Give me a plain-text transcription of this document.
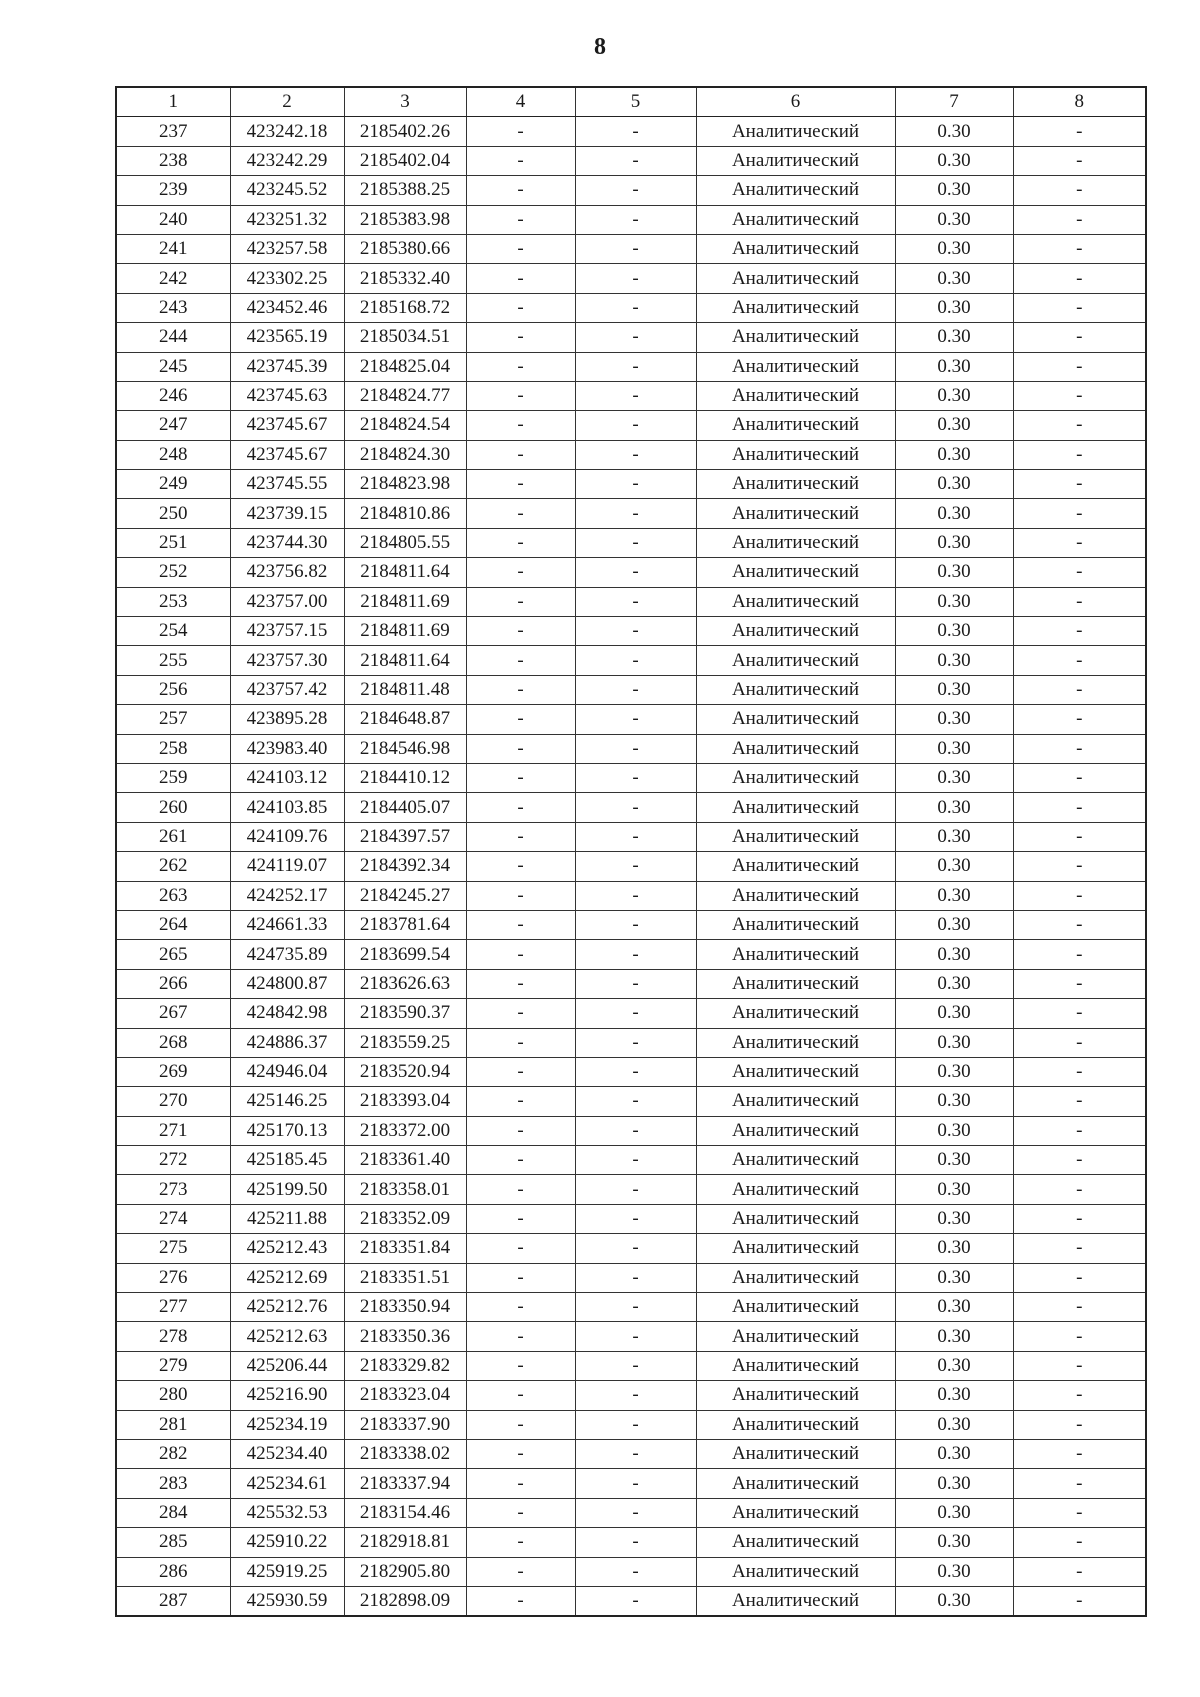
8
1	2	3	4	5	6	7	8
237	423242.18	2185402.26	-	-	Аналитический	0.30	-
238	423242.29	2185402.04	-	-	Аналитический	0.30	-
239	423245.52	2185388.25	-	-	Аналитический	0.30	-
240	423251.32	2185383.98	-	-	Аналитический	0.30	-
241	423257.58	2185380.66	-	-	Аналитический	0.30	-
242	423302.25	2185332.40	-	-	Аналитический	0.30	-
243	423452.46	2185168.72	-	-	Аналитический	0.30	-
244	423565.19	2185034.51	-	-	Аналитический	0.30	-
245	423745.39	2184825.04	-	-	Аналитический	0.30	-
246	423745.63	2184824.77	-	-	Аналитический	0.30	-
247	423745.67	2184824.54	-	-	Аналитический	0.30	-
248	423745.67	2184824.30	-	-	Аналитический	0.30	-
249	423745.55	2184823.98	-	-	Аналитический	0.30	-
250	423739.15	2184810.86	-	-	Аналитический	0.30	-
251	423744.30	2184805.55	-	-	Аналитический	0.30	-
252	423756.82	2184811.64	-	-	Аналитический	0.30	-
253	423757.00	2184811.69	-	-	Аналитический	0.30	-
254	423757.15	2184811.69	-	-	Аналитический	0.30	-
255	423757.30	2184811.64	-	-	Аналитический	0.30	-
256	423757.42	2184811.48	-	-	Аналитический	0.30	-
257	423895.28	2184648.87	-	-	Аналитический	0.30	-
258	423983.40	2184546.98	-	-	Аналитический	0.30	-
259	424103.12	2184410.12	-	-	Аналитический	0.30	-
260	424103.85	2184405.07	-	-	Аналитический	0.30	-
261	424109.76	2184397.57	-	-	Аналитический	0.30	-
262	424119.07	2184392.34	-	-	Аналитический	0.30	-
263	424252.17	2184245.27	-	-	Аналитический	0.30	-
264	424661.33	2183781.64	-	-	Аналитический	0.30	-
265	424735.89	2183699.54	-	-	Аналитический	0.30	-
266	424800.87	2183626.63	-	-	Аналитический	0.30	-
267	424842.98	2183590.37	-	-	Аналитический	0.30	-
268	424886.37	2183559.25	-	-	Аналитический	0.30	-
269	424946.04	2183520.94	-	-	Аналитический	0.30	-
270	425146.25	2183393.04	-	-	Аналитический	0.30	-
271	425170.13	2183372.00	-	-	Аналитический	0.30	-
272	425185.45	2183361.40	-	-	Аналитический	0.30	-
273	425199.50	2183358.01	-	-	Аналитический	0.30	-
274	425211.88	2183352.09	-	-	Аналитический	0.30	-
275	425212.43	2183351.84	-	-	Аналитический	0.30	-
276	425212.69	2183351.51	-	-	Аналитический	0.30	-
277	425212.76	2183350.94	-	-	Аналитический	0.30	-
278	425212.63	2183350.36	-	-	Аналитический	0.30	-
279	425206.44	2183329.82	-	-	Аналитический	0.30	-
280	425216.90	2183323.04	-	-	Аналитический	0.30	-
281	425234.19	2183337.90	-	-	Аналитический	0.30	-
282	425234.40	2183338.02	-	-	Аналитический	0.30	-
283	425234.61	2183337.94	-	-	Аналитический	0.30	-
284	425532.53	2183154.46	-	-	Аналитический	0.30	-
285	425910.22	2182918.81	-	-	Аналитический	0.30	-
286	425919.25	2182905.80	-	-	Аналитический	0.30	-
287	425930.59	2182898.09	-	-	Аналитический	0.30	-
